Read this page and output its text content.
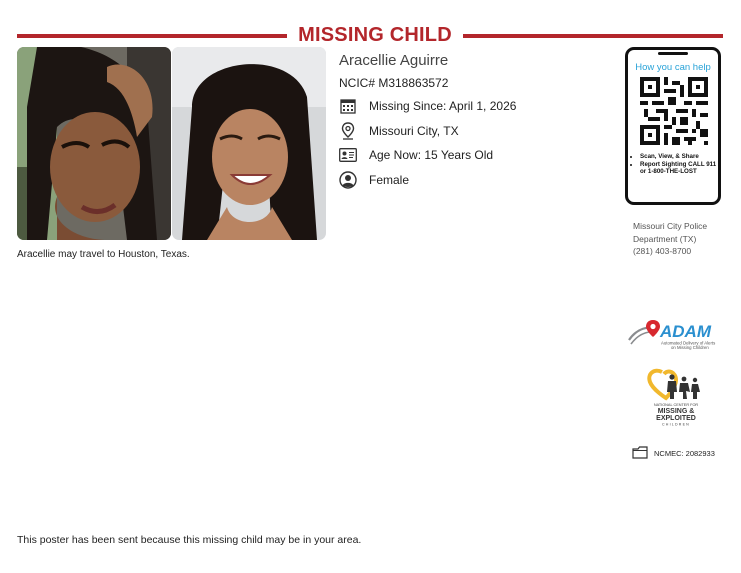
MISSING CHILD
Aracellie Aguirre
NCIC# M318863572
Missing Since: April 1, 2026
Missouri City, TX
Age Now: 15 Years Old
Female
Aracellie may travel to Houston, Texas.
How you can help
• Scan, View, & Share
• Report Sighting CALL 911 or 1-800-THE-LOST
Missouri City Police
Department (TX)
(281) 403-8700
ADAM
Automated Delivery of Alerts
on Missing Children
NATIONAL CENTER FOR
MISSING &
EXPLOITED
CHILDREN
NCMEC: 2082933
This poster has been sent because this missing child may be in your area.
